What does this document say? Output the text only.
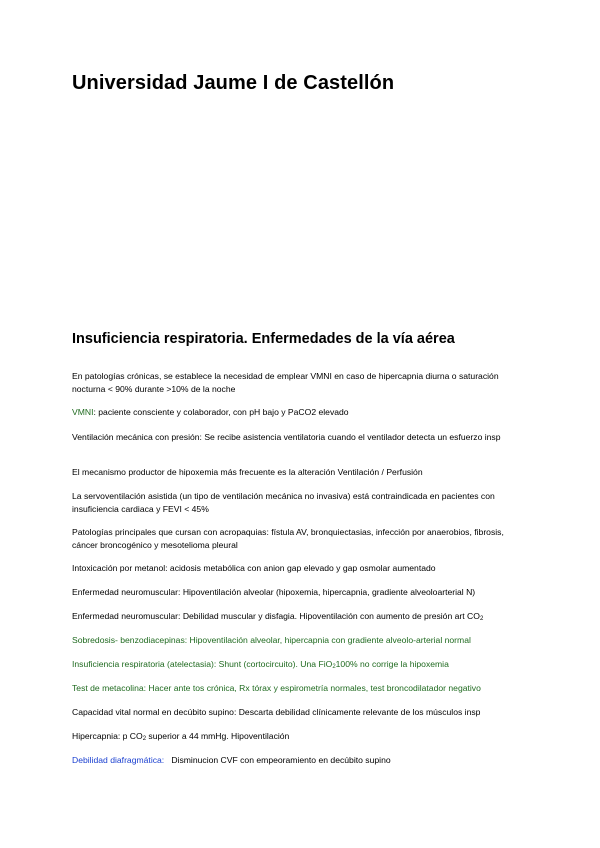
Universidad Jaume I de Castellón
Insuficiencia respiratoria. Enfermedades de la vía aérea

En patologías crónicas, se establece la necesidad de emplear VMNI en caso de hipercapnia diurna o saturación nocturna < 90% durante >10% de la noche

VMNI: paciente consciente y colaborador, con pH bajo y PaCO2 elevado

Ventilación mecánica con presión: Se recibe asistencia ventilatoria cuando el ventilador detecta un esfuerzo insp

El mecanismo productor de hipoxemia más frecuente es la alteración Ventilación / Perfusión

La servoventilación asistida (un tipo de ventilación mecánica no invasiva) está contraindicada en pacientes con insuficiencia cardiaca y FEVI < 45%

Patologías principales que cursan con acropaquias: fístula AV, bronquiectasias, infección por anaerobios, fibrosis, cáncer broncogénico y mesotelioma pleural

Intoxicación por metanol: acidosis metabólica con anion gap elevado y gap osmolar aumentado

Enfermedad neuromuscular: Hipoventilación alveolar (hipoxemia, hipercapnia, gradiente alveoloarterial N)

Enfermedad neuromuscular: Debilidad muscular y disfagia. Hipoventilación con aumento de presión art $CO_2$

Sobredosis- benzodiacepinas: Hipoventilación alveolar, hipercapnia con gradiente alveolo-arterial normal

Insuficiencia respiratoria (atelectasia): Shunt (cortocircuito). Una FiO$_2$100% no corrige la hipoxemia

Test de metacolina: Hacer ante tos crónica, Rx tórax y espirometría normales, test broncodilatador negativo

Capacidad vital normal en decúbito supino: Descarta debilidad clínicamente relevante de los músculos insp

Hipercapnia: p $CO_2$ superior a 44 mmHg. Hipoventilación

Debilidad diafragmática:   Disminucion CVF con empeoramiento en decúbito supino
